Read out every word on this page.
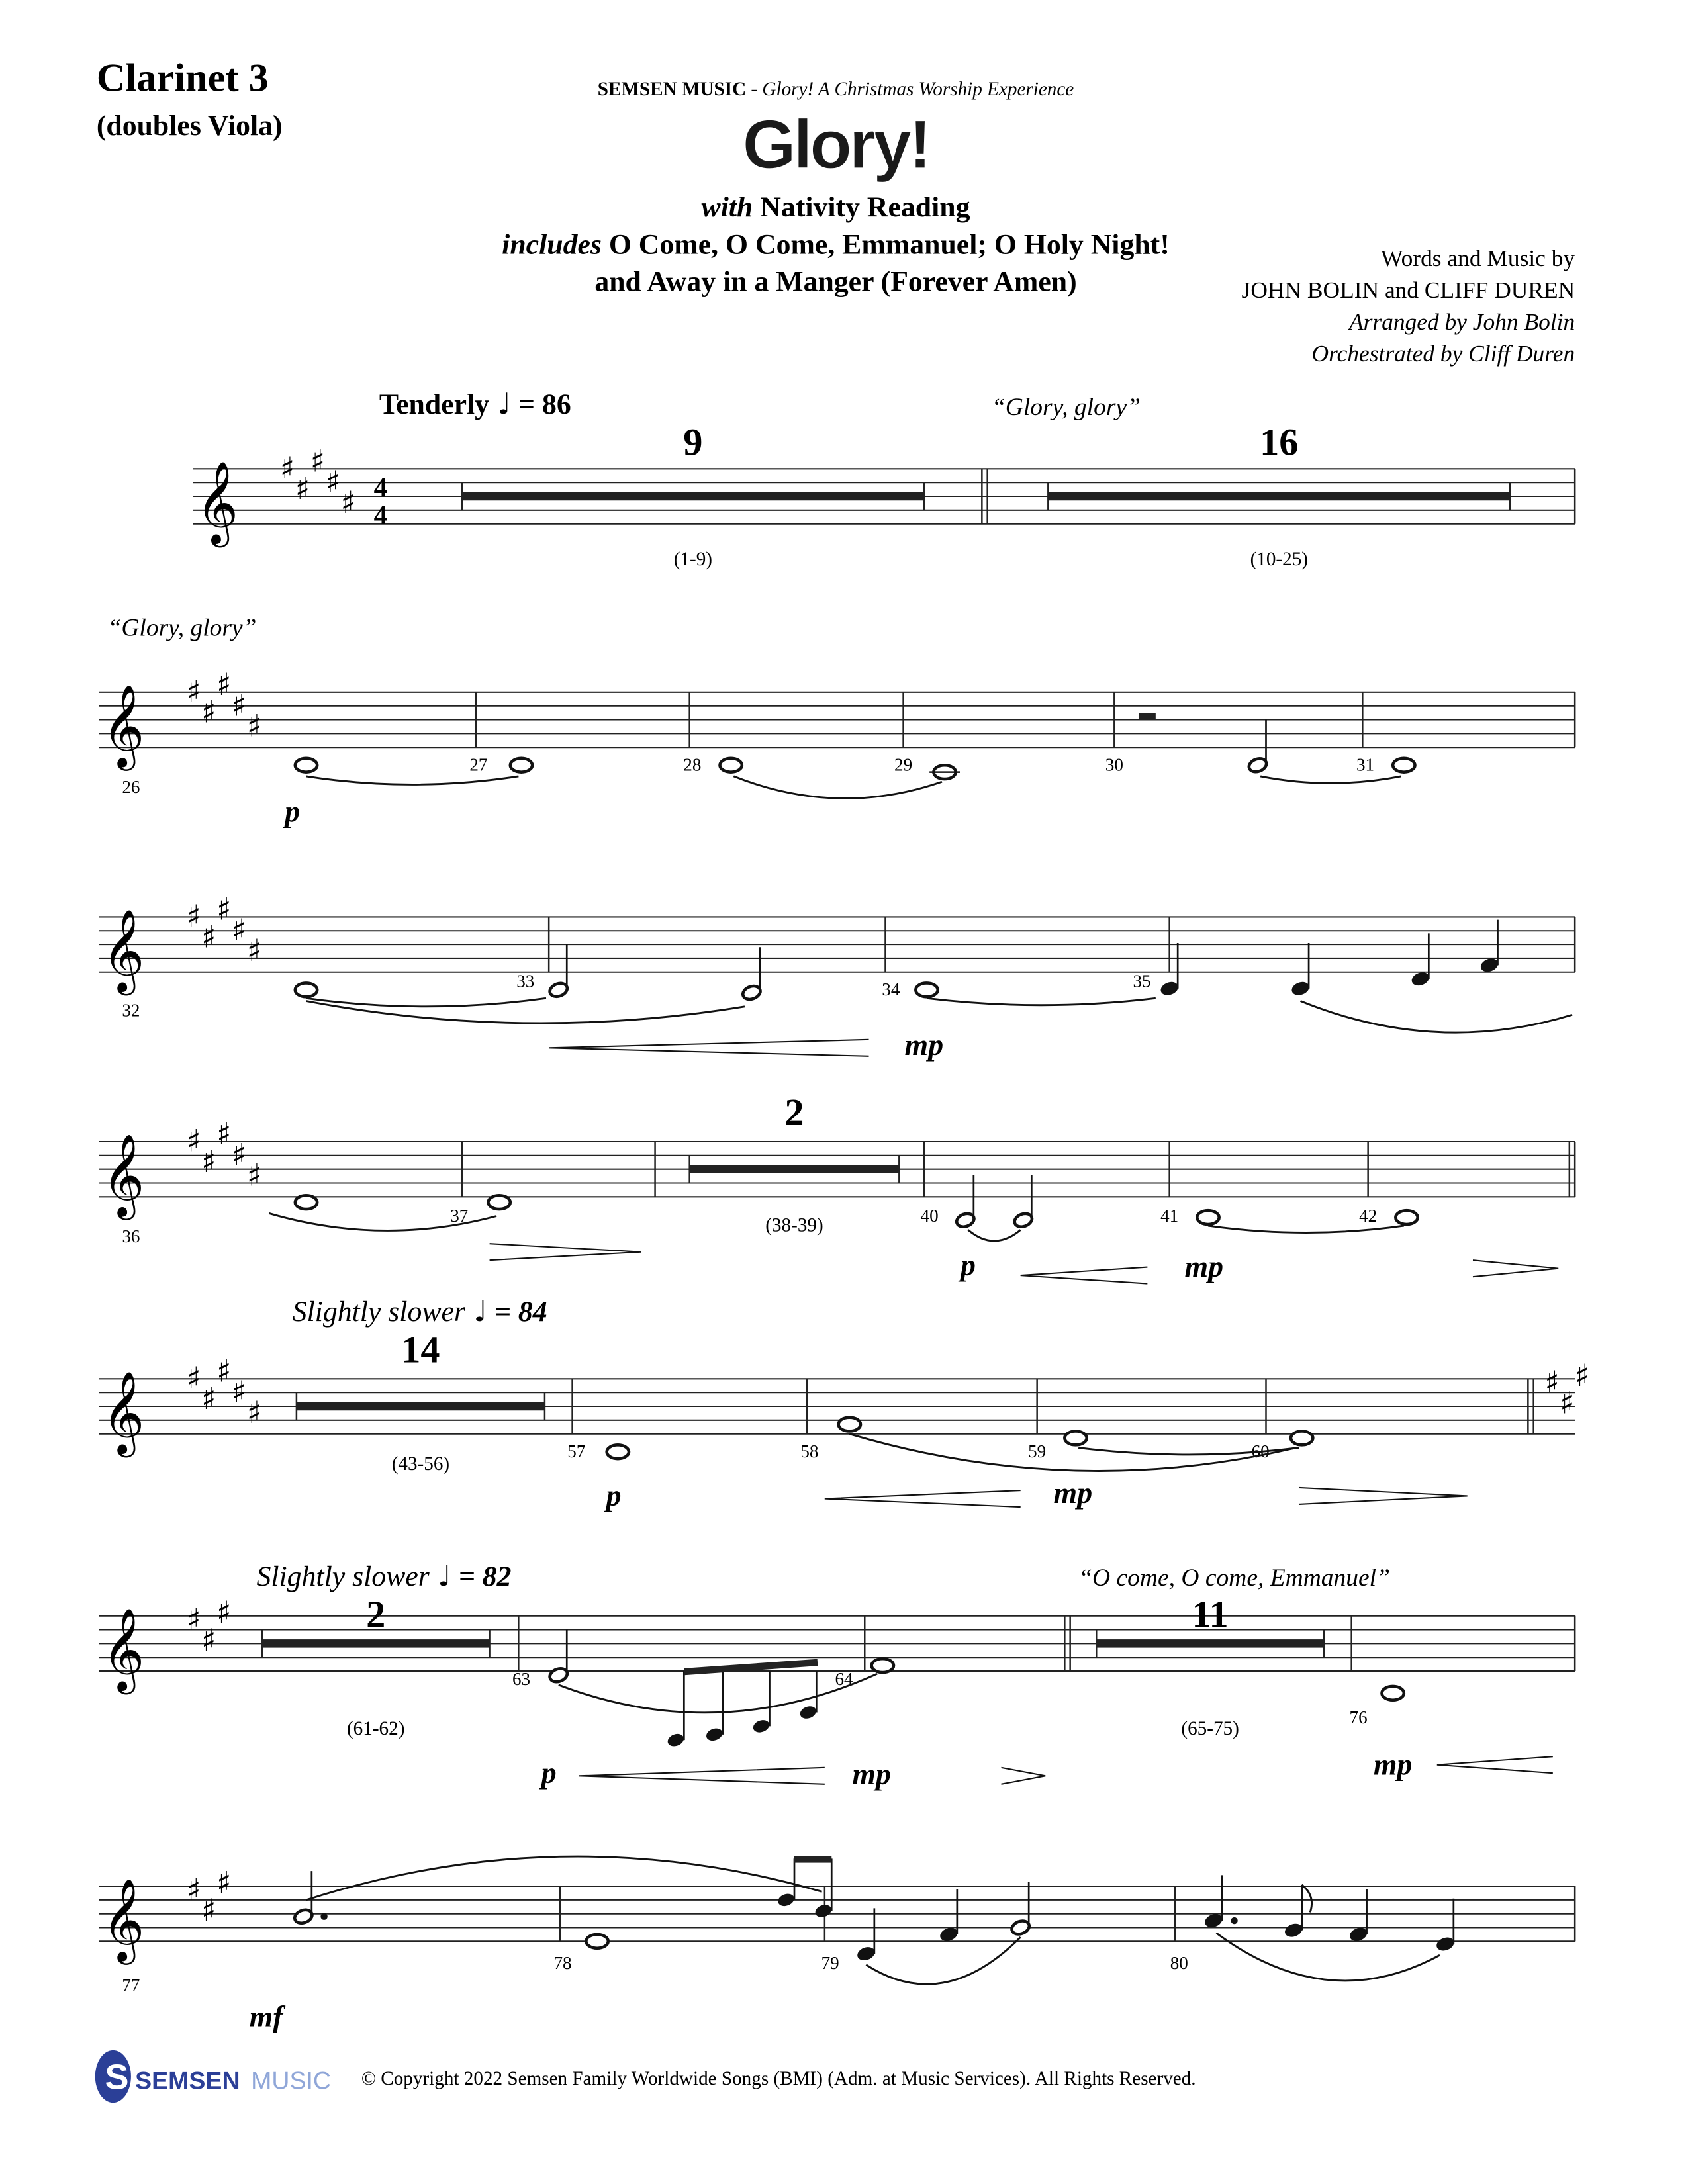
Clarinet 3
(doubles Viola)
SEMSEN MUSIC - Glory! A Christmas Worship Experience
Glory!
with Nativity Reading
includes O Come, O Come, Emmanuel; O Holy Night!
and Away in a Manger (Forever Amen)
Words and Music by
JOHN BOLIN and CLIFF DUREN
Arranged by John Bolin
Orchestrated by Cliff Duren
𝄞	♯
♯
♯
♯
♯ 4
4
Tenderly ♩ = 86	“Glory, glory”
9
(1-9)
16
(10-25)
𝄞	♯
♯
♯
♯
♯
“Glory, glory”
26
27	28	29	30	31
p
𝄞	♯
♯
♯
♯
♯
32
34
33	35
mp
𝄞	♯
♯
♯
♯
♯
36
37
2
(38-39)	40	41	42
p	mp
𝄞	♯
♯
♯
♯
♯
Slightly slower ♩ = 84
14
(43-56)
♯
♯
♯
57	58	59	60
p	mp
𝄞	♯
♯
♯
Slightly slower ♩ = 82
2
(61-62)
63	64
p	mp
“O come, O come, Emmanuel”
11
(65-75)
76
mp
𝄞	♯
♯
♯
77
78	79	80
mf
S SEMSEN MUSIC	© Copyright 2022 Semsen Family Worldwide Songs (BMI) (Adm. at Music Services). All Rights Reserved.
